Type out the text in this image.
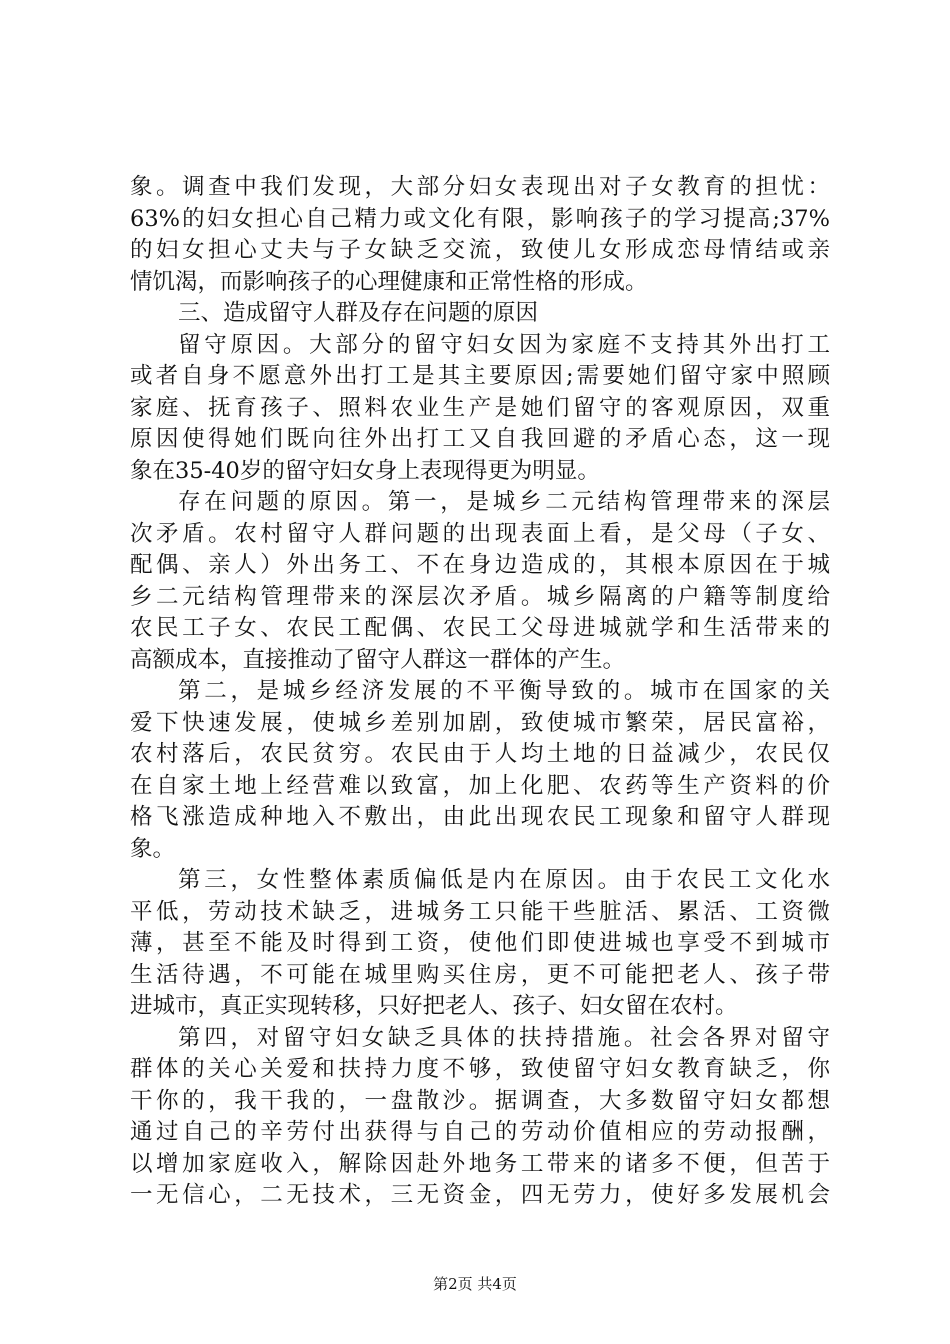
象。调查中我们发现，大部分妇女表现出对子女教育的担忧：
63%的妇女担心自己精力或文化有限，影响孩子的学习提高;37%
的妇女担心丈夫与子女缺乏交流，致使儿女形成恋母情结或亲
情饥渴，而影响孩子的心理健康和正常性格的形成。
三、造成留守人群及存在问题的原因
留守原因。大部分的留守妇女因为家庭不支持其外出打工
或者自身不愿意外出打工是其主要原因;需要她们留守家中照顾
家庭、抚育孩子、照料农业生产是她们留守的客观原因，双重
原因使得她们既向往外出打工又自我回避的矛盾心态，这一现
象在35-40岁的留守妇女身上表现得更为明显。
存在问题的原因。第一，是城乡二元结构管理带来的深层
次矛盾。农村留守人群问题的出现表面上看，是父母（子女、
配偶、亲人）外出务工、不在身边造成的，其根本原因在于城
乡二元结构管理带来的深层次矛盾。城乡隔离的户籍等制度给
农民工子女、农民工配偶、农民工父母进城就学和生活带来的
高额成本，直接推动了留守人群这一群体的产生。
第二，是城乡经济发展的不平衡导致的。城市在国家的关
爱下快速发展，使城乡差别加剧，致使城市繁荣，居民富裕，
农村落后，农民贫穷。农民由于人均土地的日益减少，农民仅
在自家土地上经营难以致富，加上化肥、农药等生产资料的价
格飞涨造成种地入不敷出，由此出现农民工现象和留守人群现
象。
第三，女性整体素质偏低是内在原因。由于农民工文化水
平低，劳动技术缺乏，进城务工只能干些脏活、累活、工资微
薄，甚至不能及时得到工资，使他们即使进城也享受不到城市
生活待遇，不可能在城里购买住房，更不可能把老人、孩子带
进城市，真正实现转移，只好把老人、孩子、妇女留在农村。
第四，对留守妇女缺乏具体的扶持措施。社会各界对留守
群体的关心关爱和扶持力度不够，致使留守妇女教育缺乏，你
干你的，我干我的，一盘散沙。据调查，大多数留守妇女都想
通过自己的辛劳付出获得与自己的劳动价值相应的劳动报酬，
以增加家庭收入，解除因赴外地务工带来的诸多不便，但苦于
一无信心，二无技术，三无资金，四无劳力，使好多发展机会
第2页 共4页
